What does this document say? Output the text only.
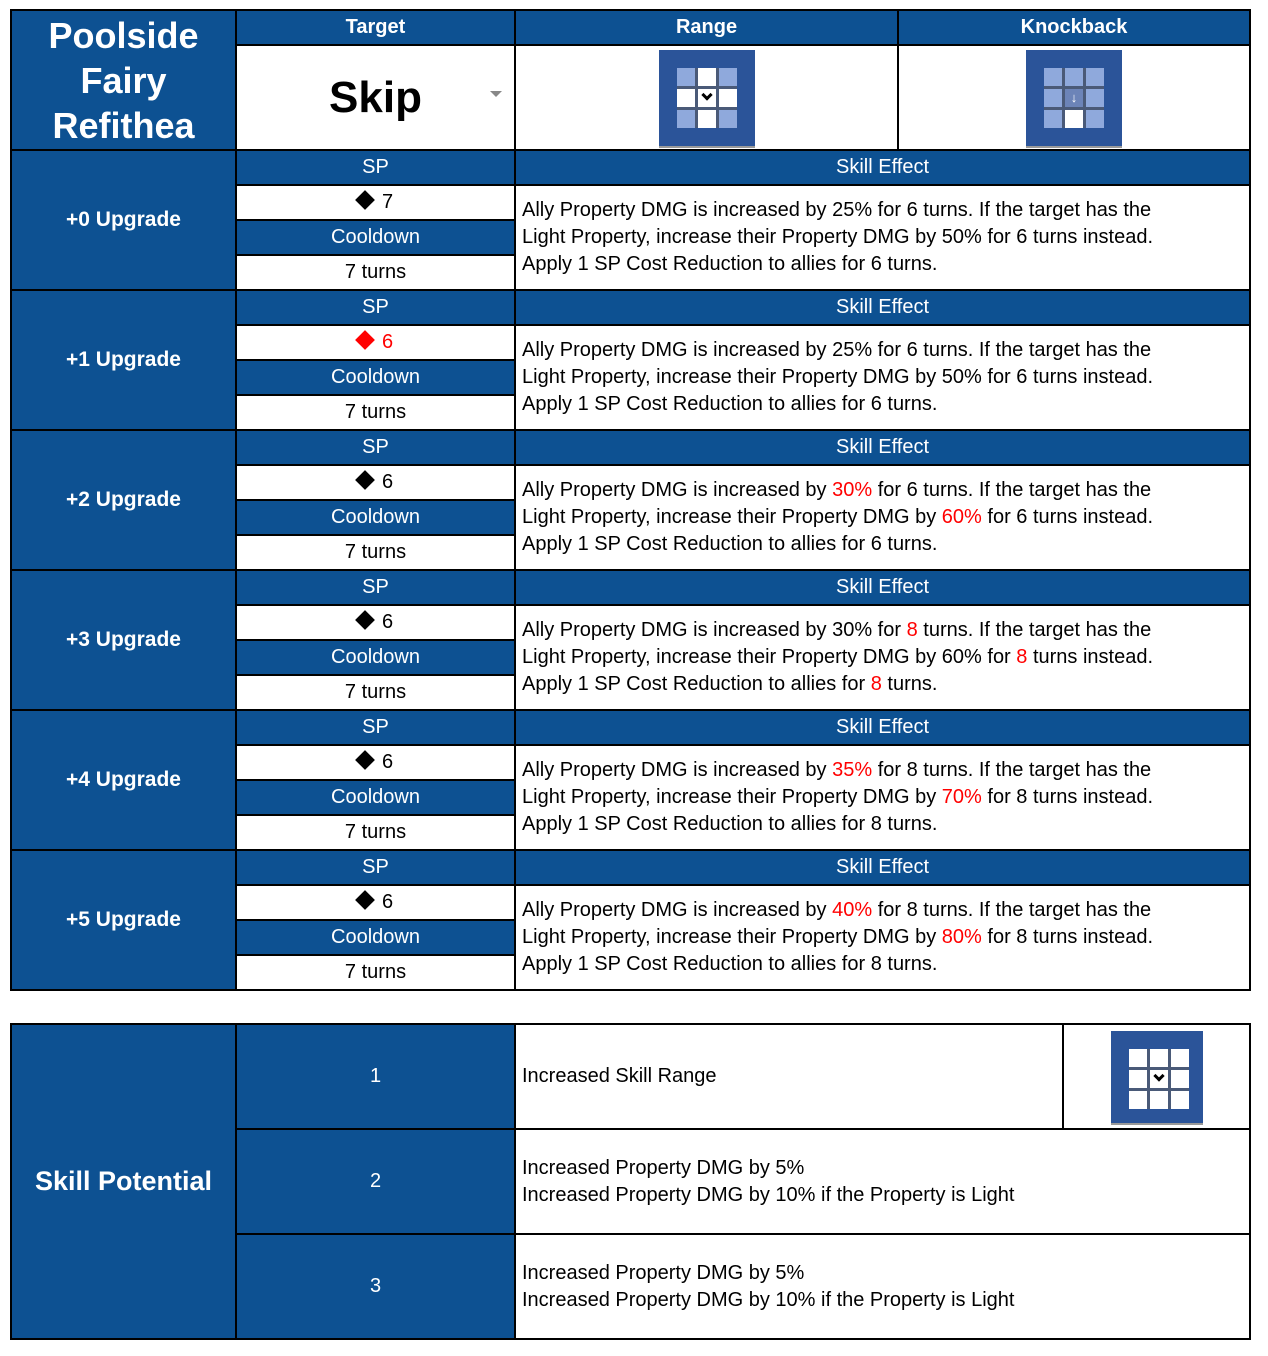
Poolside Fairy Refithea	Target	Range	Knockback
	Skip		↓

+0 Upgrade	SP	Skill Effect	
	7	Ally Property DMG is increased by 25% for 6 turns. If the target has the
Light Property, increase their Property DMG by 50% for 6 turns instead.
Apply 1 SP Cost Reduction to allies for 6 turns.	

	Cooldown		
	7 turns		
+1 Upgrade	SP	Skill Effect	
	6	Ally Property DMG is increased by 25% for 6 turns. If the target has the
Light Property, increase their Property DMG by 50% for 6 turns instead.
Apply 1 SP Cost Reduction to allies for 6 turns.	

	Cooldown		
	7 turns		
+2 Upgrade	SP	Skill Effect	
	6	Ally Property DMG is increased by 30% for 6 turns. If the target has the
Light Property, increase their Property DMG by 60% for 6 turns instead.
Apply 1 SP Cost Reduction to allies for 6 turns.	

	Cooldown		
	7 turns		
+3 Upgrade	SP	Skill Effect	
	6	Ally Property DMG is increased by 30% for 8 turns. If the target has the
Light Property, increase their Property DMG by 60% for 8 turns instead.
Apply 1 SP Cost Reduction to allies for 8 turns.	

	Cooldown		
	7 turns		
+4 Upgrade	SP	Skill Effect	
	6	Ally Property DMG is increased by 35% for 8 turns. If the target has the
Light Property, increase their Property DMG by 70% for 8 turns instead.
Apply 1 SP Cost Reduction to allies for 8 turns.	

	Cooldown		
	7 turns		
+5 Upgrade	SP	Skill Effect	
	6	Ally Property DMG is increased by 40% for 8 turns. If the target has the
Light Property, increase their Property DMG by 80% for 8 turns instead.
Apply 1 SP Cost Reduction to allies for 8 turns.	

	Cooldown		
	7 turns		
Skill Potential	1	Increased Skill Range	

	2	Increased Property DMG by 5%
Increased Property DMG by 10% if the Property is Light	

	3	Increased Property DMG by 5%
Increased Property DMG by 10% if the Property is Light	
